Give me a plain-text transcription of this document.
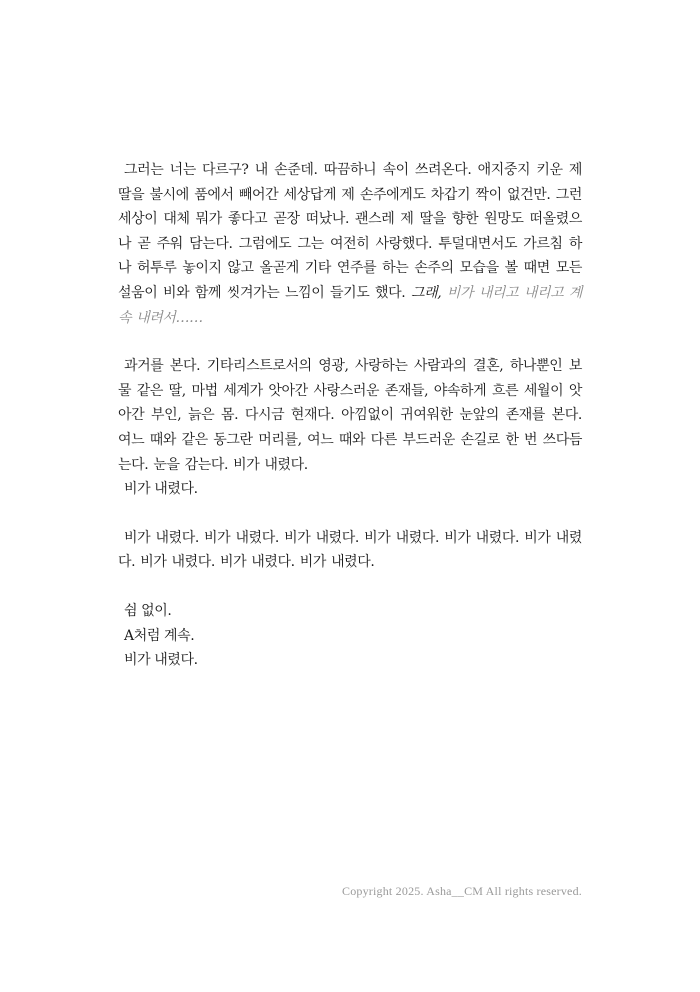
그러는 너는 다르구? 내 손준데. 따끔하니 속이 쓰려온다. 애지중지 키운 제 딸을 불시에 품에서 빼어간 세상답게 제 손주에게도 차갑기 짝이 없건만. 그런 세상이 대체 뭐가 좋다고 곧장 떠났나. 괜스레 제 딸을 향한 원망도 떠올렸으나 곧 주워 담는다. 그럼에도 그는 여전히 사랑했다. 투덜대면서도 가르침 하나 허투루 놓이지 않고 올곧게 기타 연주를 하는 손주의 모습을 볼 때면 모든 설움이 비와 함께 씻겨가는 느낌이 들기도 했다. 그래, 비가 내리고 내리고 계속 내려서……

과거를 본다. 기타리스트로서의 영광, 사랑하는 사람과의 결혼, 하나뿐인 보물 같은 딸, 마법 세계가 앗아간 사랑스러운 존재들, 야속하게 흐른 세월이 앗아간 부인, 늙은 몸. 다시금 현재다. 아낌없이 귀여워한 눈앞의 존재를 본다. 여느 때와 같은 동그란 머리를, 여느 때와 다른 부드러운 손길로 한 번 쓰다듬는다. 눈을 감는다. 비가 내렸다.

비가 내렸다.

비가 내렸다. 비가 내렸다. 비가 내렸다. 비가 내렸다. 비가 내렸다. 비가 내렸다. 비가 내렸다. 비가 내렸다. 비가 내렸다.

쉼 없이.
A처럼 계속.
비가 내렸다.
Copyright 2025. Asha__CM All rights reserved.
